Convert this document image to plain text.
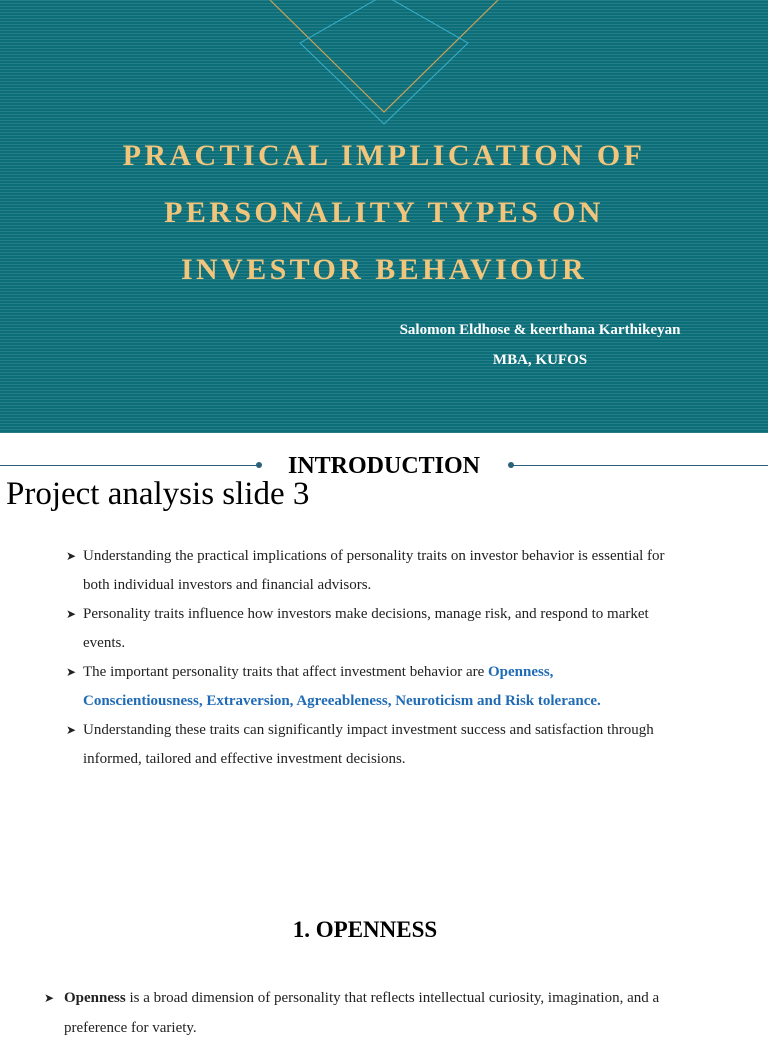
PRACTICAL IMPLICATION OF
PERSONALITY TYPES ON
INVESTOR BEHAVIOUR
Salomon Eldhose & keerthana Karthikeyan
MBA, KUFOS
INTRODUCTION
Project analysis slide 3
➤ Understanding the practical implications of personality traits on investor behavior is essential for both individual investors and financial advisors.
➤ Personality traits influence how investors make decisions, manage risk, and respond to market events.
➤ The important personality traits that affect investment behavior are Openness, Conscientiousness, Extraversion, Agreeableness, Neuroticism and Risk tolerance.
➤ Understanding these traits can significantly impact investment success and satisfaction through informed, tailored and effective investment decisions.
1. OPENNESS
➤ Openness is a broad dimension of personality that reflects intellectual curiosity, imagination, and a preference for variety.
